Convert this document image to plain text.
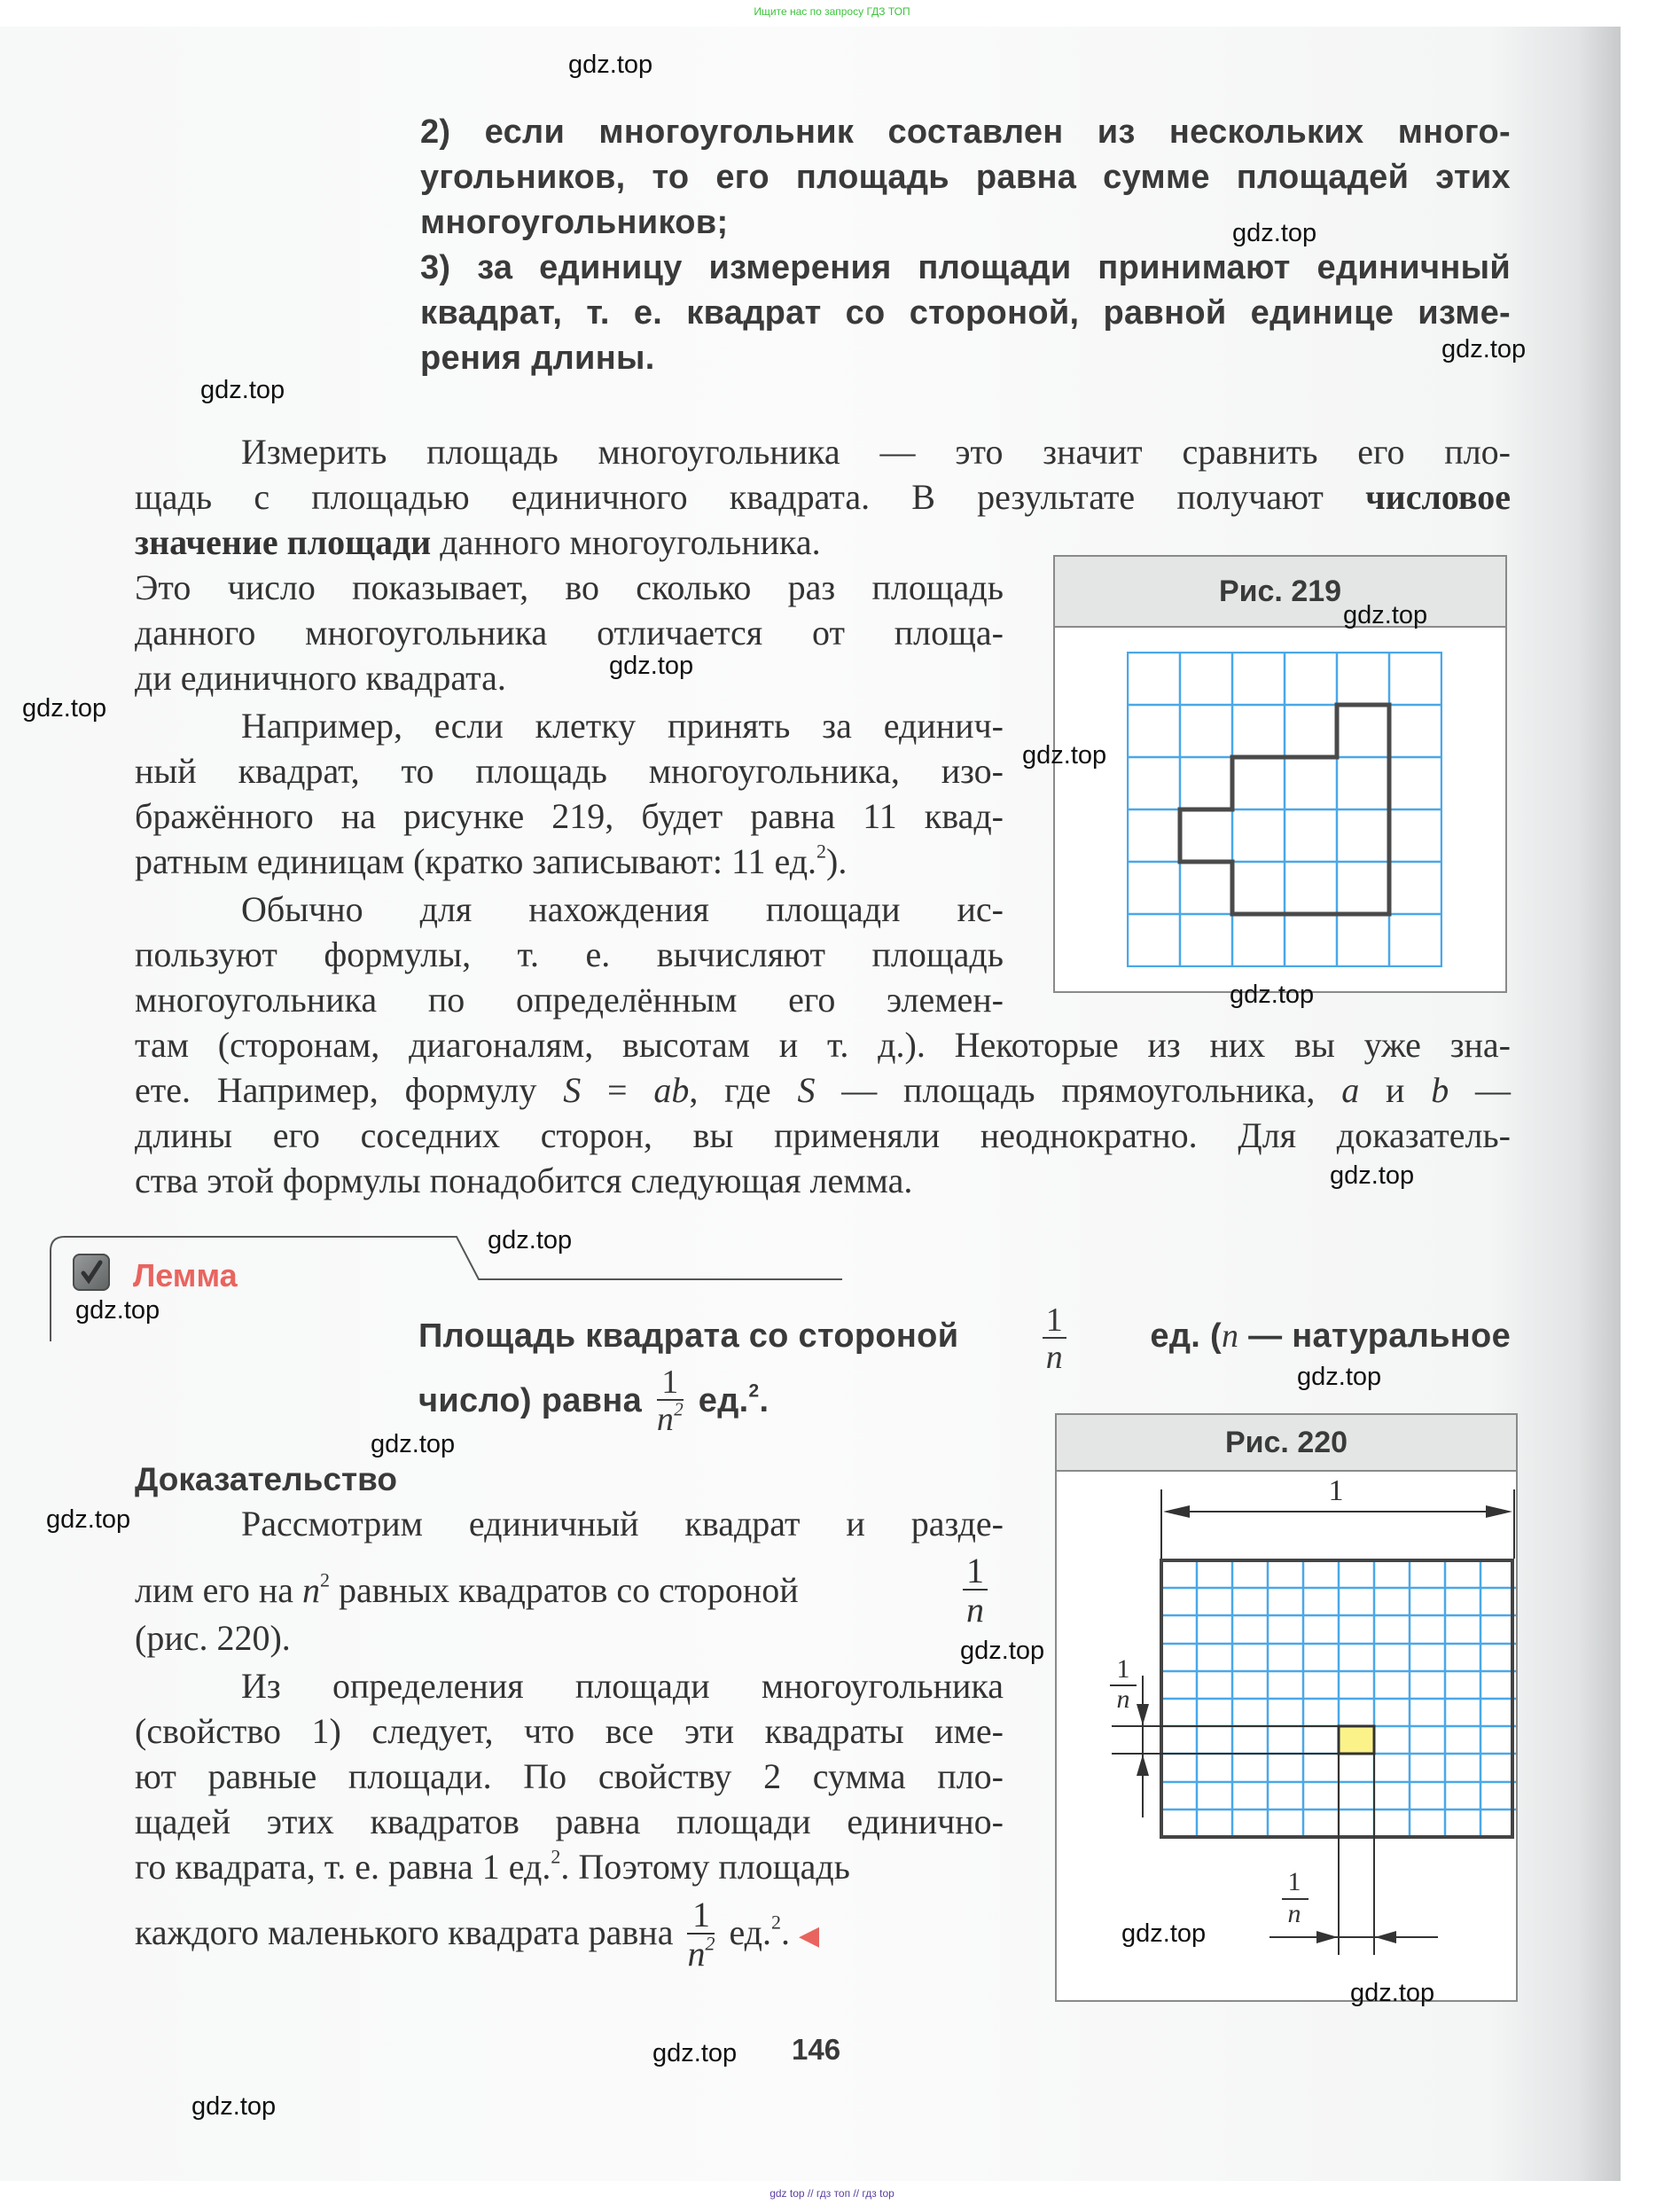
Ищите нас по запросу ГДЗ ТОП
2) если многоугольник составлен из нескольких много-
угольников, то его площадь равна сумме площадей этих
многоугольников;
3) за единицу измерения площади принимают единичный
квадрат, т. е. квадрат со стороной, равной единице изме-
рения длины.
Измерить площадь многоугольника — это значит сравнить его пло-
щадь с площадью единичного квадрата. В результате получают числовое
значение площади данного многоугольника.
Это число показывает, во сколько раз площадь
данного многоугольника отличается от площа-
ди единичного квадрата.
Например, если клетку принять за единич-
ный квадрат, то площадь многоугольника, изо-
бражённого на рисунке 219, будет равна 11 квад-
ратным единицам (кратко записывают: 11 ед.$^2$).
Обычно для нахождения площади ис-
пользуют формулы, т. е. вычисляют площадь
многоугольника по определённым его элемен-
там (сторонам, диагоналям, высотам и т. д.). Некоторые из них вы уже зна-
ете. Например, формулу S = ab, где S — площадь прямоугольника, a и b —
длины его соседних сторон, вы применяли неоднократно. Для доказатель-
ства этой формулы понадобится следующая лемма.
Рис. 219
Лемма
Площадь квадрата со стороной $\frac{1}{n}$ ед. (n — натуральное
число) равна $\frac{1}{n^2} ед.^2$.
Доказательство
Рассмотрим единичный квадрат и разде-
лим его на $n^2$ равных квадратов со стороной	$\frac{1}{n}$
(рис. 220).
Из определения площади многоугольника
(свойство 1) следует, что все эти квадраты име-
ют равные площади. По свойству 2 сумма пло-
щадей этих квадратов равна площади единично-
го квадрата, т. е. равна 1 ед.$^2$. Поэтому площадь
каждого маленького квадрата равна $\frac{1}{n^2} ед.^2$. ◀
Рис. 220
1
1
n
1
n
146
gdz.top
gdz.top
gdz.top
gdz.top
gdz.top
gdz.top
gdz.top
gdz.top
gdz.top
gdz.top
gdz.top
gdz.top
gdz.top
gdz.top
gdz.top
gdz.top
gdz.top
gdz.top
gdz.top
gdz.top
gdz top // гдз топ // гдз top
